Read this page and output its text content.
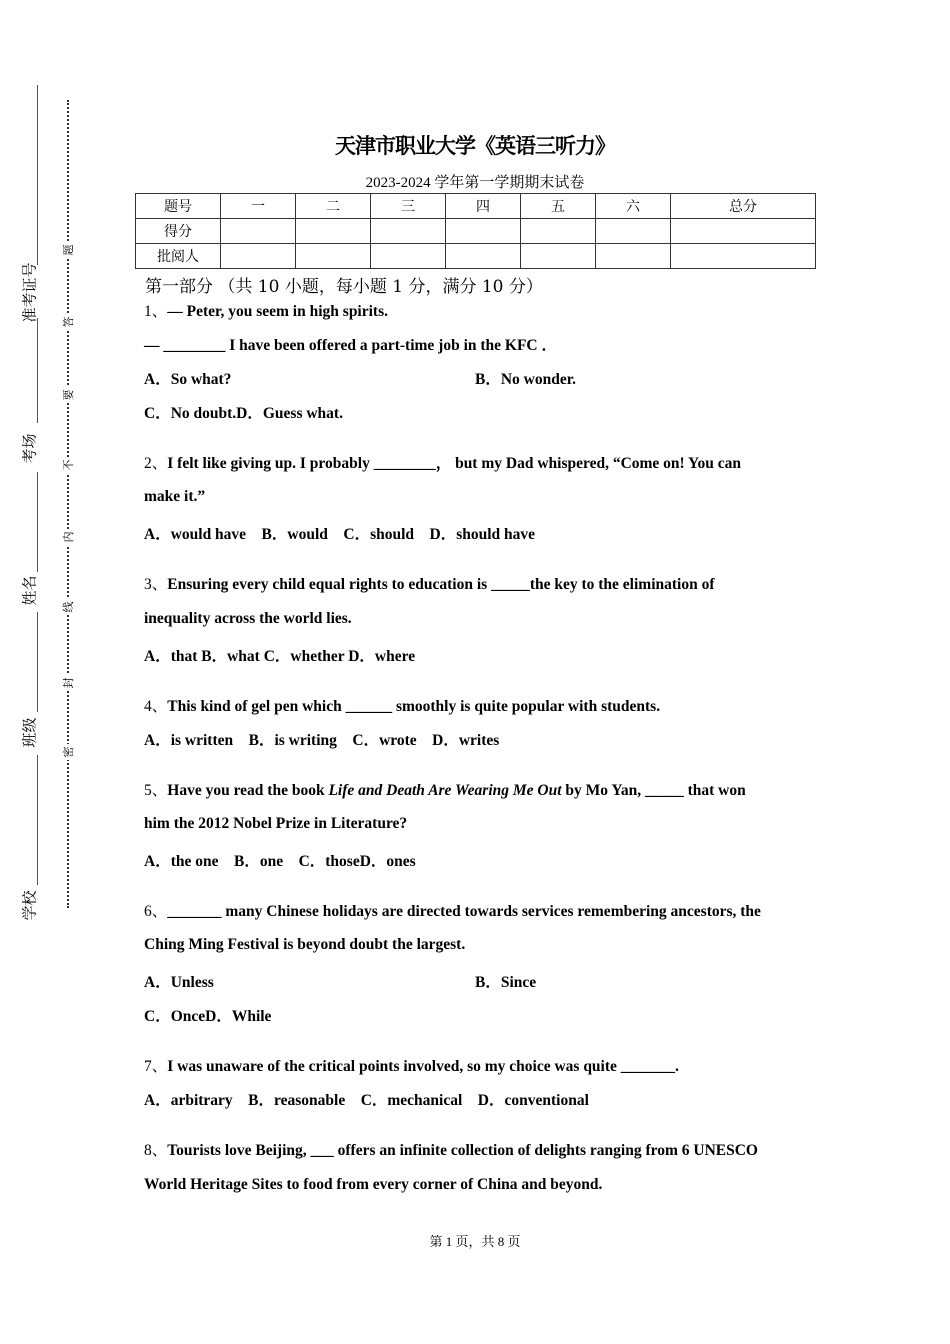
学校
班级
姓名
考场
准考证号
密
封
线
内
不
要
答
题
天津市职业大学《英语三听力》
2023-2024 学年第一学期期末试卷
题号	一	二	三	四	五	六	总分
得分							
批阅人							
第一部分 （共 10 小题，每小题 1 分，满分 10 分）
1、— Peter, you seem in high spirits.
— ________ I have been offered a part-time job in the KFC ．
A．So what?	B．No wonder.
C．No doubt.D．Guess what.
2、I felt like giving up. I probably ________， but my Dad whispered, “Come on! You can
make it.”
A．would have　B．would　C．should　D．should have
3、Ensuring every child equal rights to education is _____the key to the elimination of
inequality across the world lies.
A．that B．what C．whether D．where
4、This kind of gel pen which ______ smoothly is quite popular with students.
A．is written　B．is writing　C．wrote　D．writes
5、Have you read the book Life and Death Are Wearing Me Out by Mo Yan, _____ that won
him the 2012 Nobel Prize in Literature?
A．the one　B．one　C．thoseD．ones
6、_______ many Chinese holidays are directed towards services remembering ancestors, the
Ching Ming Festival is beyond doubt the largest.
A．Unless	B．Since
C．OnceD．While
7、I was unaware of the critical points involved, so my choice was quite _______.
A．arbitrary　B．reasonable　C．mechanical　D．conventional
8、Tourists love Beijing, ___ offers an infinite collection of delights ranging from 6 UNESCO
World Heritage Sites to food from every corner of China and beyond.
第 1 页，共 8 页
